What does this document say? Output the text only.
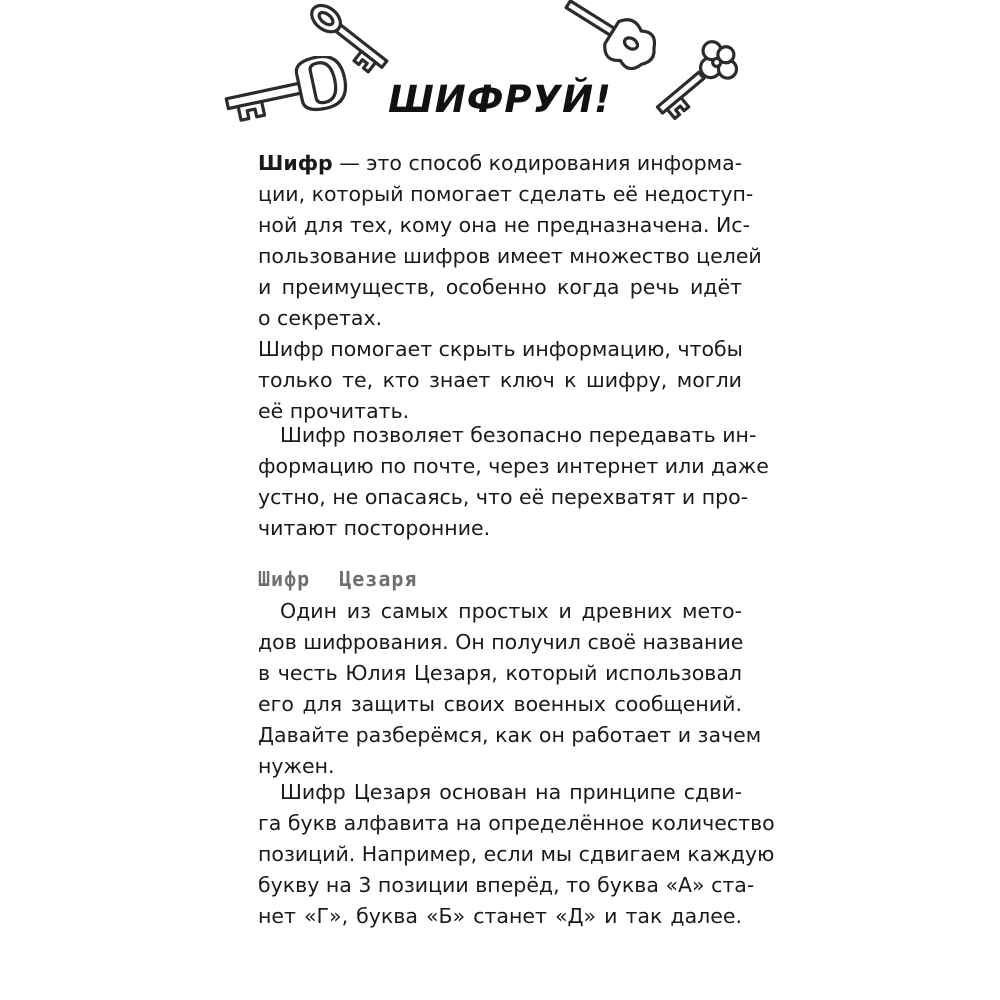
ШИФРУЙ!
Шифр — это способ кодирования информа-
ции, который помогает сделать её недоступ-
ной для тех, кому она не предназначена. Ис-
пользование шифров имеет множество целей
и преимуществ, особенно когда речь идёт
о секретах.
Шифр помогает скрыть информацию, чтобы
только те, кто знает ключ к шифру, могли
её прочитать.
Шифр позволяет безопасно передавать ин-
формацию по почте, через интернет или даже
устно, не опасаясь, что её перехватят и про-
читают посторонние.
Шифр Цезаря
Один из самых простых и древних мето-
дов шифрования. Он получил своё название
в честь Юлия Цезаря, который использовал
его для защиты своих военных сообщений.
Давайте разберёмся, как он работает и зачем
нужен.
Шифр Цезаря основан на принципе сдви-
га букв алфавита на определённое количество
позиций. Например, если мы сдвигаем каждую
букву на 3 позиции вперёд, то буква «А» ста-
нет «Г», буква «Б» станет «Д» и так далее.
